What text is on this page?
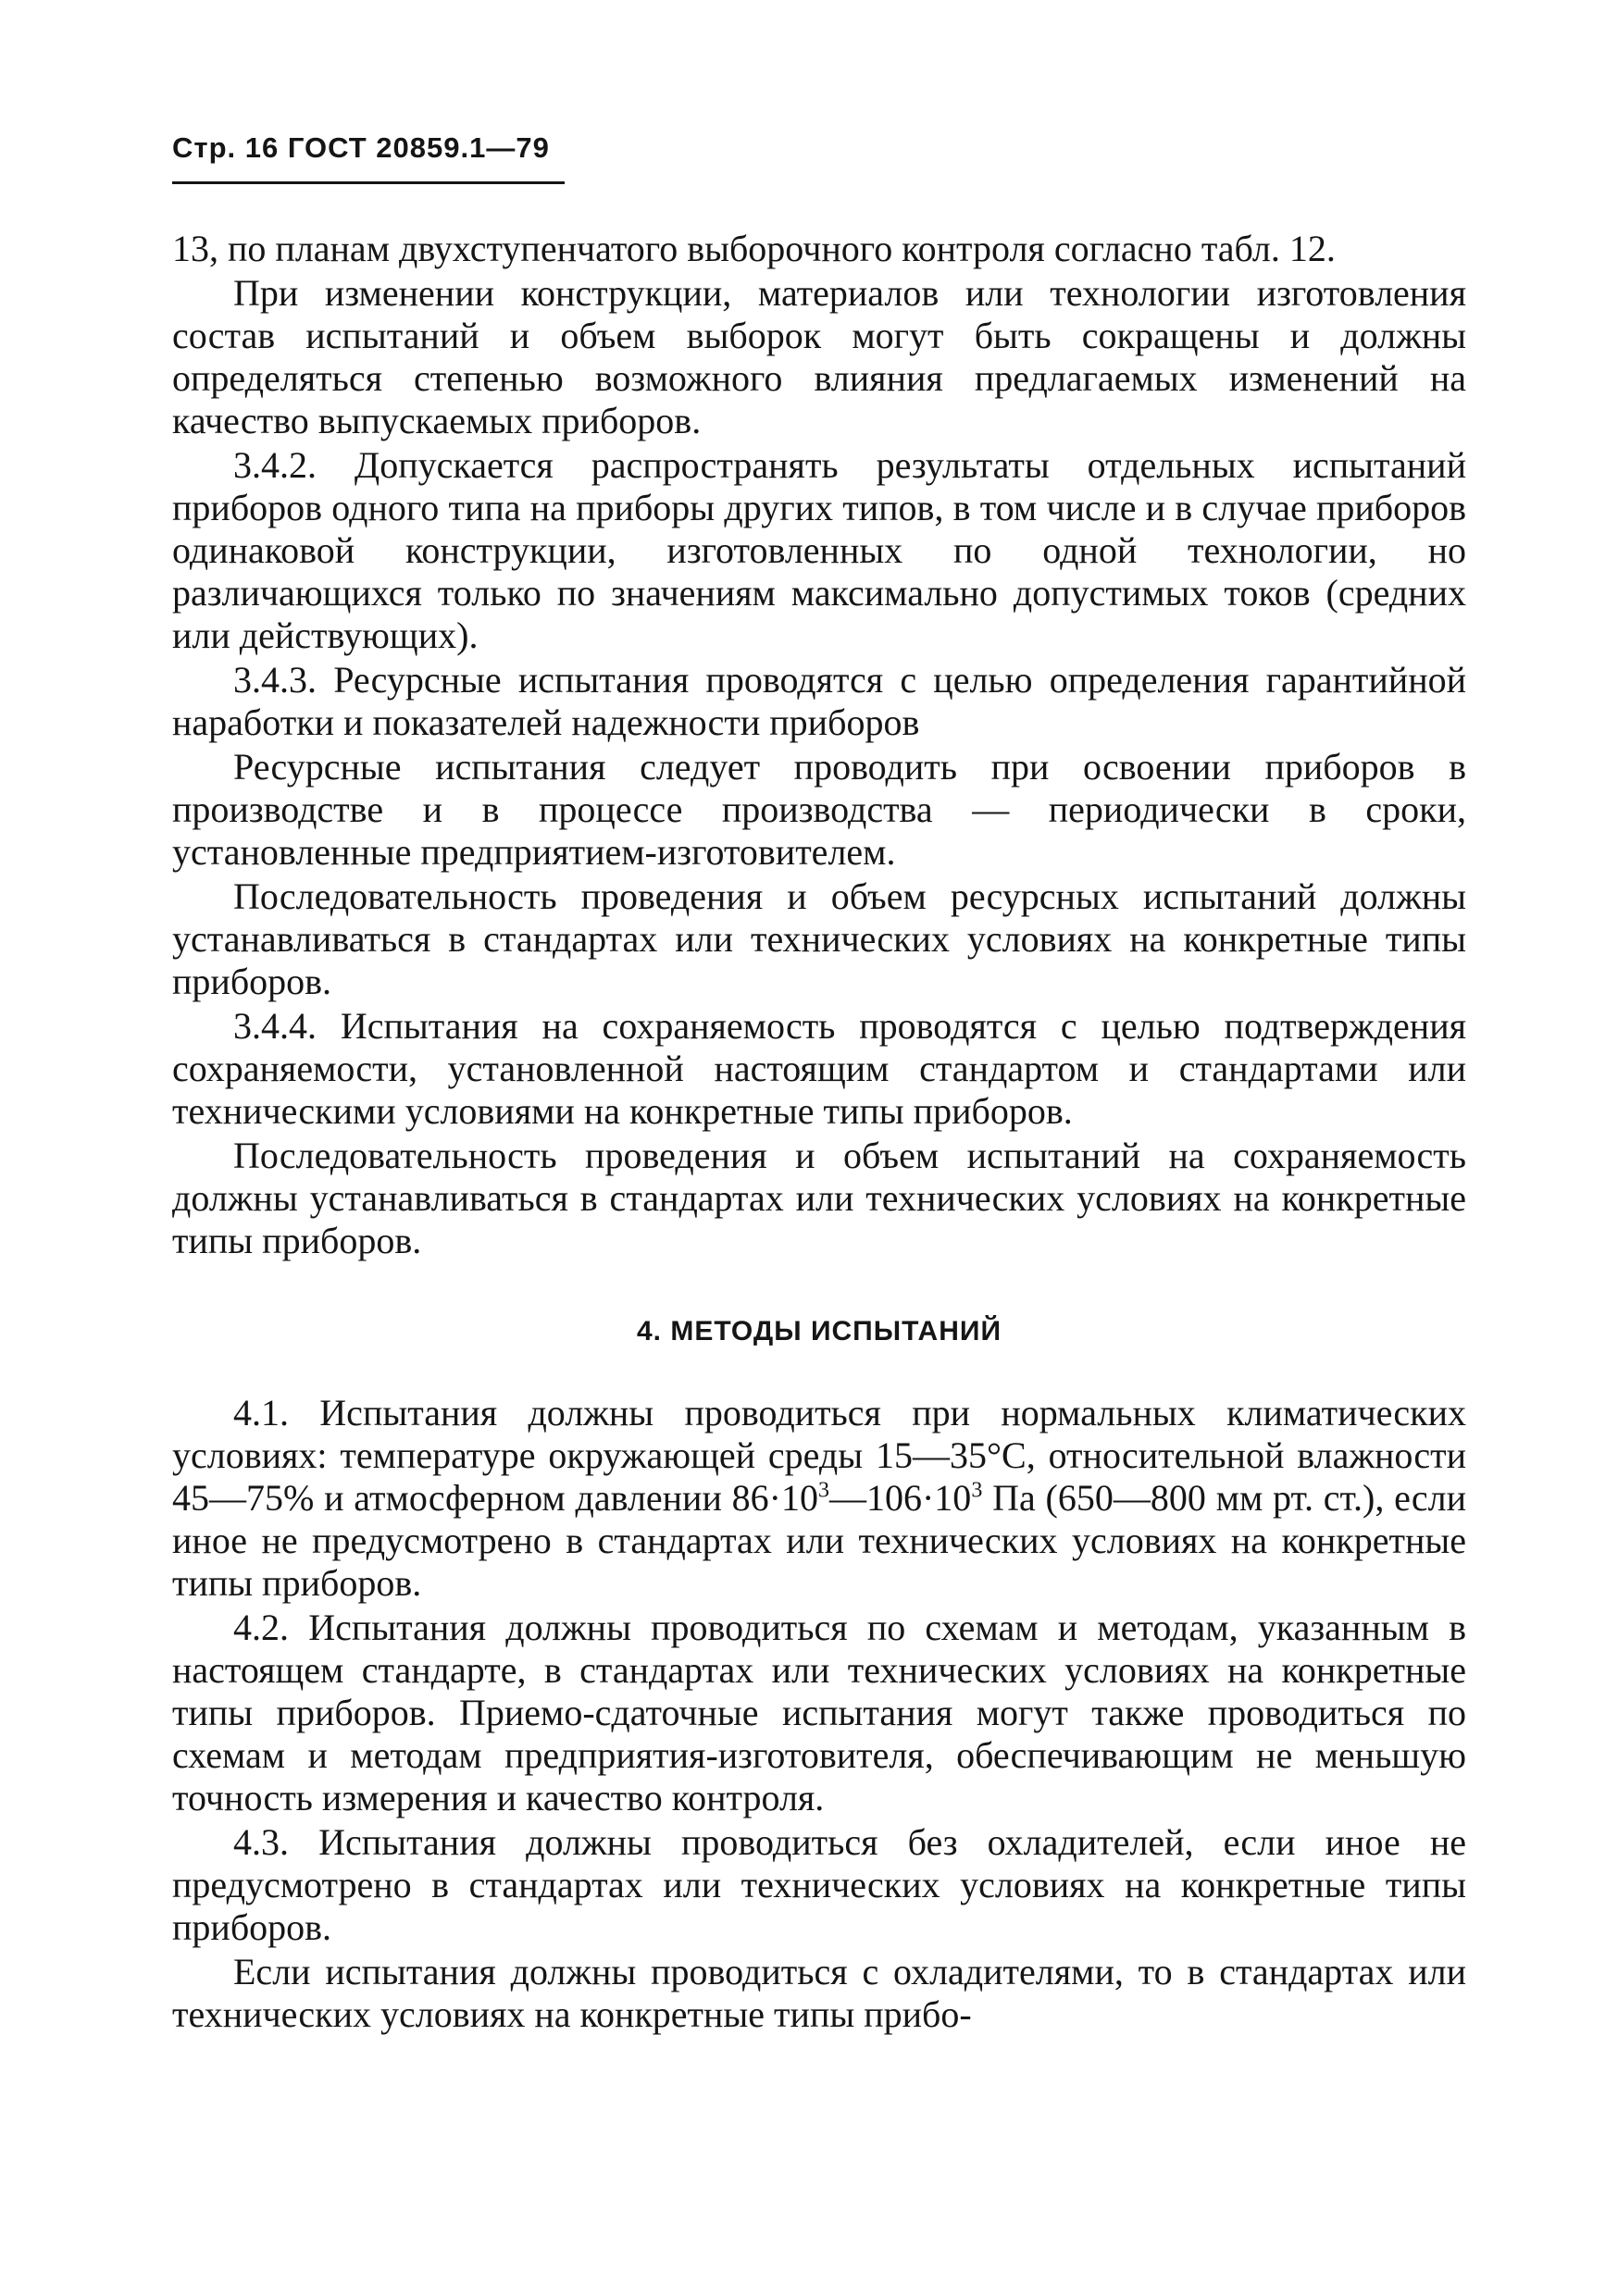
Стр. 16 ГОСТ 20859.1—79

13, по планам двухступенчатого выборочного контроля согласно табл. 12.

При изменении конструкции, материалов или технологии изготовления состав испытаний и объем выборок могут быть сокращены и должны определяться степенью возможного влияния предлагаемых изменений на качество выпускаемых приборов.

3.4.2. Допускается распространять результаты отдельных испытаний приборов одного типа на приборы других типов, в том числе и в случае приборов одинаковой конструкции, изготовленных по одной технологии, но различающихся только по значениям максимально допустимых токов (средних или действующих).

3.4.3. Ресурсные испытания проводятся с целью определения гарантийной наработки и показателей надежности приборов

Ресурсные испытания следует проводить при освоении приборов в производстве и в процессе производства — периодически в сроки, установленные предприятием-изготовителем.

Последовательность проведения и объем ресурсных испытаний должны устанавливаться в стандартах или технических условиях на конкретные типы приборов.

3.4.4. Испытания на сохраняемость проводятся с целью подтверждения сохраняемости, установленной настоящим стандартом и стандартами или техническими условиями на конкретные типы приборов.

Последовательность проведения и объем испытаний на сохраняемость должны устанавливаться в стандартах или технических условиях на конкретные типы приборов.

4. МЕТОДЫ ИСПЫТАНИЙ

4.1. Испытания должны проводиться при нормальных климатических условиях: температуре окружающей среды 15—35°С, относительной влажности 45—75% и атмосферном давлении $86\cdot 10^3—106\cdot 10^3$ Па (650—800 мм рт. ст.), если иное не предусмотрено в стандартах или технических условиях на конкретные типы приборов.

4.2. Испытания должны проводиться по схемам и методам, указанным в настоящем стандарте, в стандартах или технических условиях на конкретные типы приборов. Приемо-сдаточные испытания могут также проводиться по схемам и методам предприятия-изготовителя, обеспечивающим не меньшую точность измерения и качество контроля.

4.3. Испытания должны проводиться без охладителей, если иное не предусмотрено в стандартах или технических условиях на конкретные типы приборов.

Если испытания должны проводиться с охладителями, то в стандартах или технических условиях на конкретные типы прибо-
